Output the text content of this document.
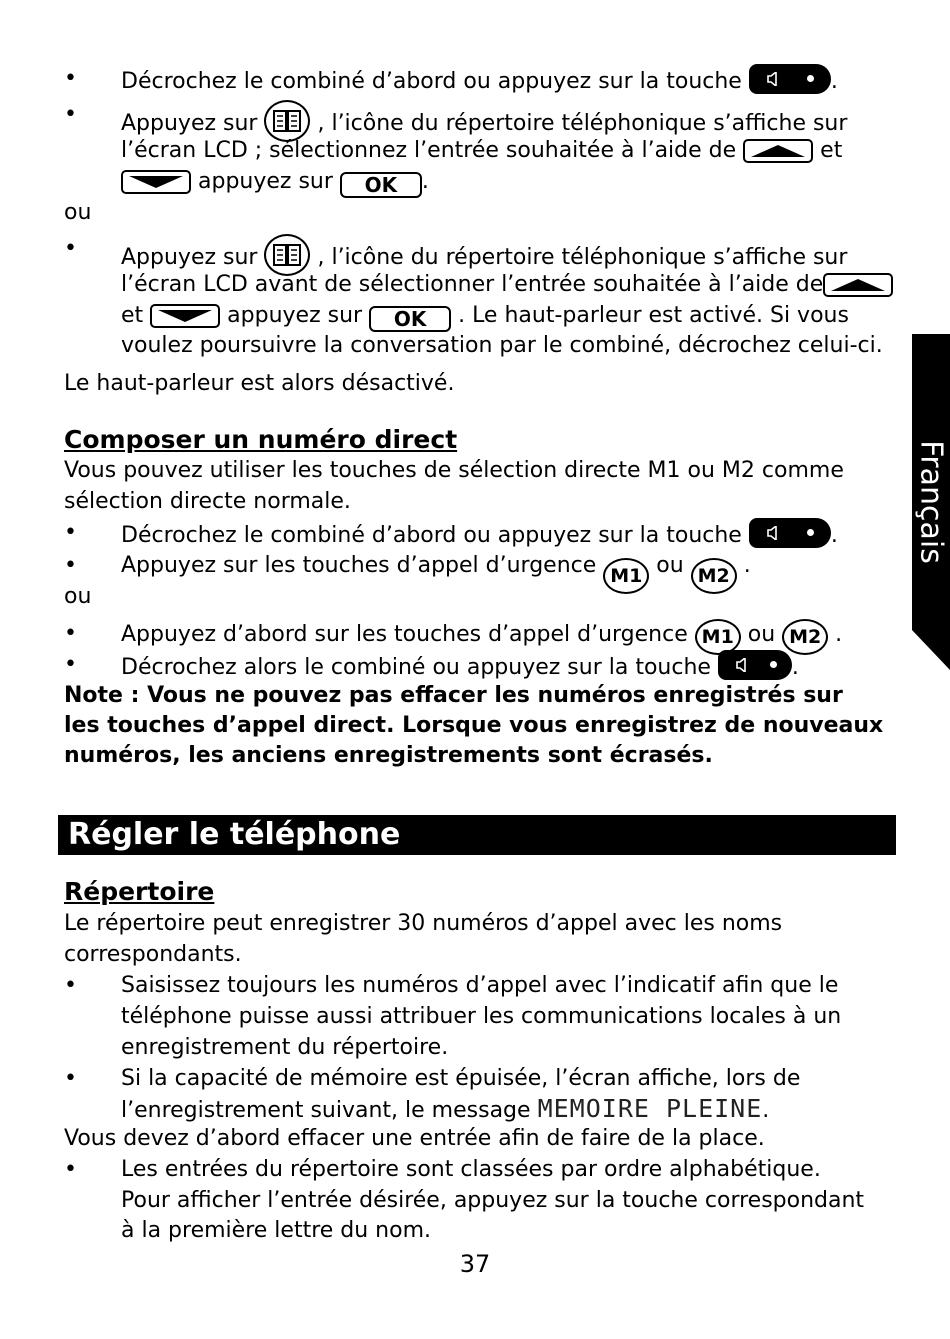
Français
• Décrochez le combiné d’abord ou appuyez sur la touche	.
• Appuyez sur	, l’icône du répertoire téléphonique s’affiche sur
l’écran LCD ; sélectionnez l’entrée souhaitée à l’aide de	et
appuyez sur OK .
ou
• Appuyez sur	, l’icône du répertoire téléphonique s’affiche sur
l’écran LCD avant de sélectionner l’entrée souhaitée à l’aide de
et	appuyez sur OK . Le haut-parleur est activé. Si vous
voulez poursuivre la conversation par le combiné, décrochez celui-ci.
Le haut-parleur est alors désactivé.
Composer un numéro direct
Vous pouvez utiliser les touches de sélection directe M1 ou M2 comme
sélection directe normale.
• Décrochez le combiné d’abord ou appuyez sur la touche	.
• Appuyez sur les touches d’appel d’urgence M1 ou M2 .
ou
• Appuyez d’abord sur les touches d’appel d’urgence M1 ou M2 .
• Décrochez alors le combiné ou appuyez sur la touche	.
Note : Vous ne pouvez pas effacer les numéros enregistrés sur
les touches d’appel direct. Lorsque vous enregistrez de nouveaux
numéros, les anciens enregistrements sont écrasés.
Régler le téléphone
Répertoire
Le répertoire peut enregistrer 30 numéros d’appel avec les noms
correspondants.
• Saisissez toujours les numéros d’appel avec l’indicatif afin que le
téléphone puisse aussi attribuer les communications locales à un
enregistrement du répertoire.
• Si la capacité de mémoire est épuisée, l’écran affiche, lors de
l’enregistrement suivant, le message MEMOIRE PLEINE.
Vous devez d’abord effacer une entrée afin de faire de la place.
• Les entrées du répertoire sont classées par ordre alphabétique.
Pour afficher l’entrée désirée, appuyez sur la touche correspondant
à la première lettre du nom.
37
